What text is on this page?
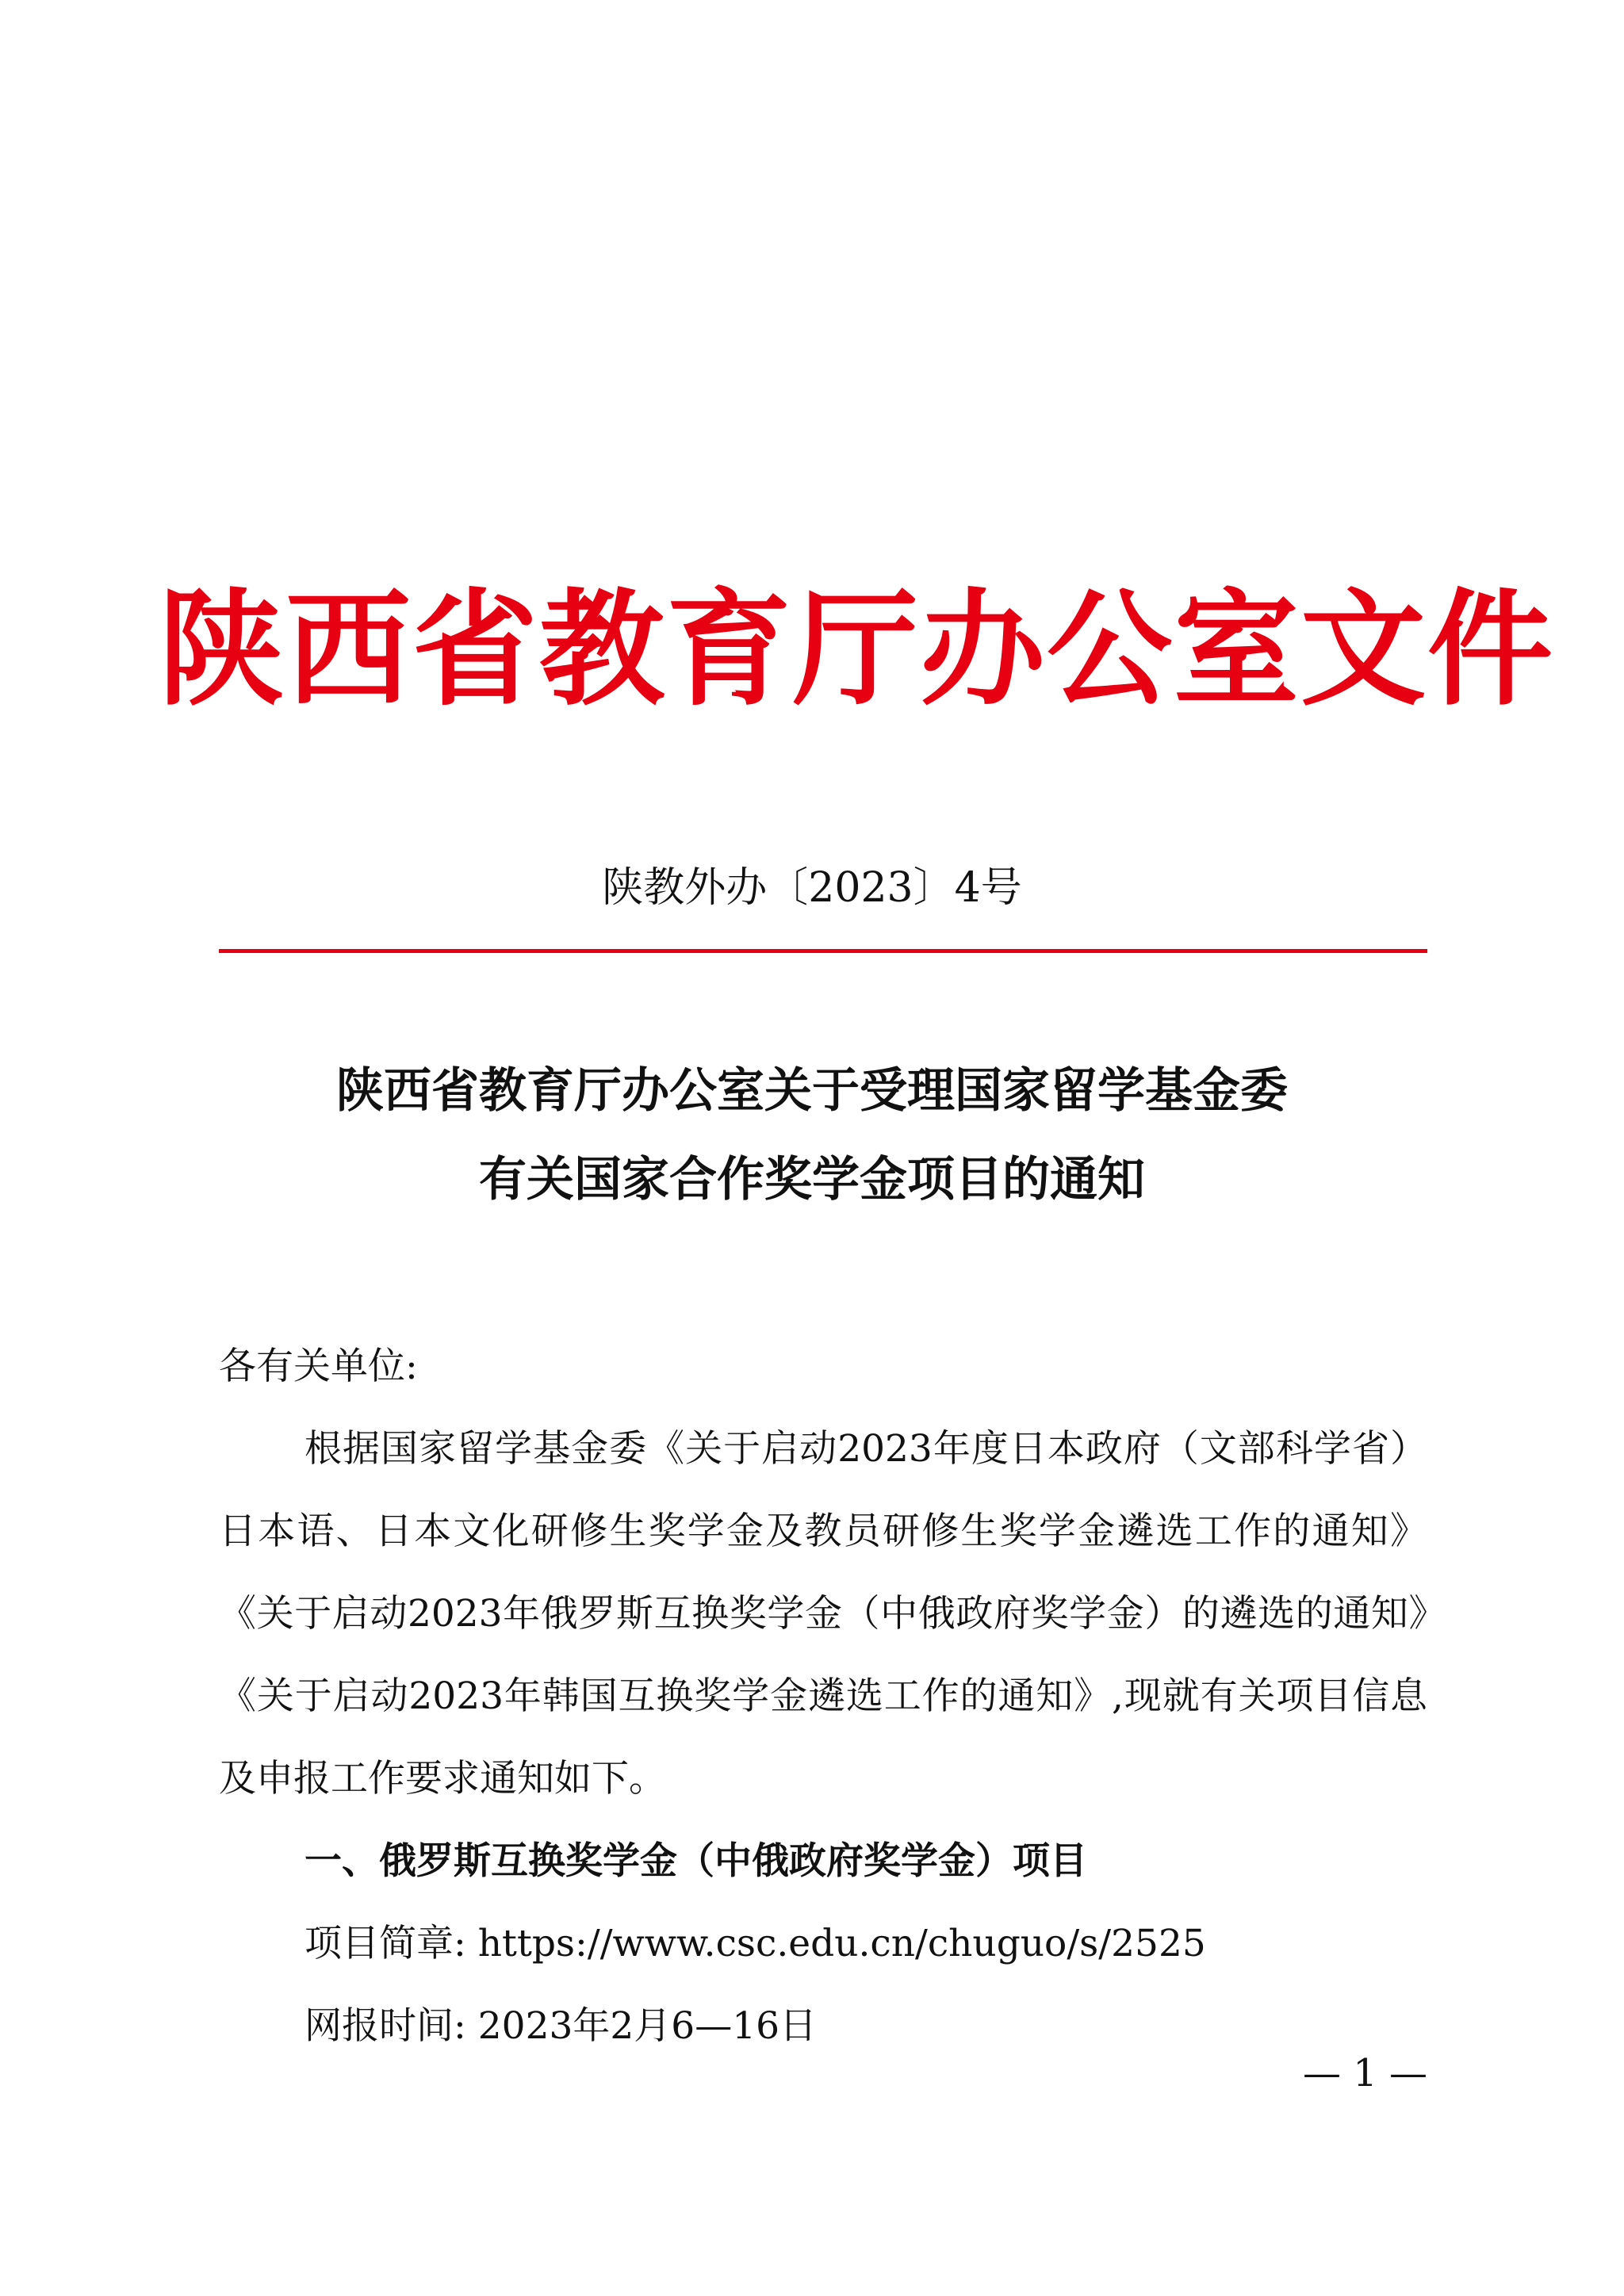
陕西省教育厅办公室文件
陕教外办〔2023〕4号
陕西省教育厅办公室关于受理国家留学基金委
有关国家合作奖学金项目的通知

各有关单位:

根据国家留学基金委《关于启动2023年度日本政府（文部科学省）日本语、日本文化研修生奖学金及教员研修生奖学金遴选工作的通知》《关于启动2023年俄罗斯互换奖学金（中俄政府奖学金）的遴选的通知》《关于启动2023年韩国互换奖学金遴选工作的通知》,现就有关项目信息及申报工作要求通知如下。

一、俄罗斯互换奖学金（中俄政府奖学金）项目

项目简章: https://www.csc.edu.cn/chuguo/s/2525

网报时间: 2023年2月6—16日

— 1 —
